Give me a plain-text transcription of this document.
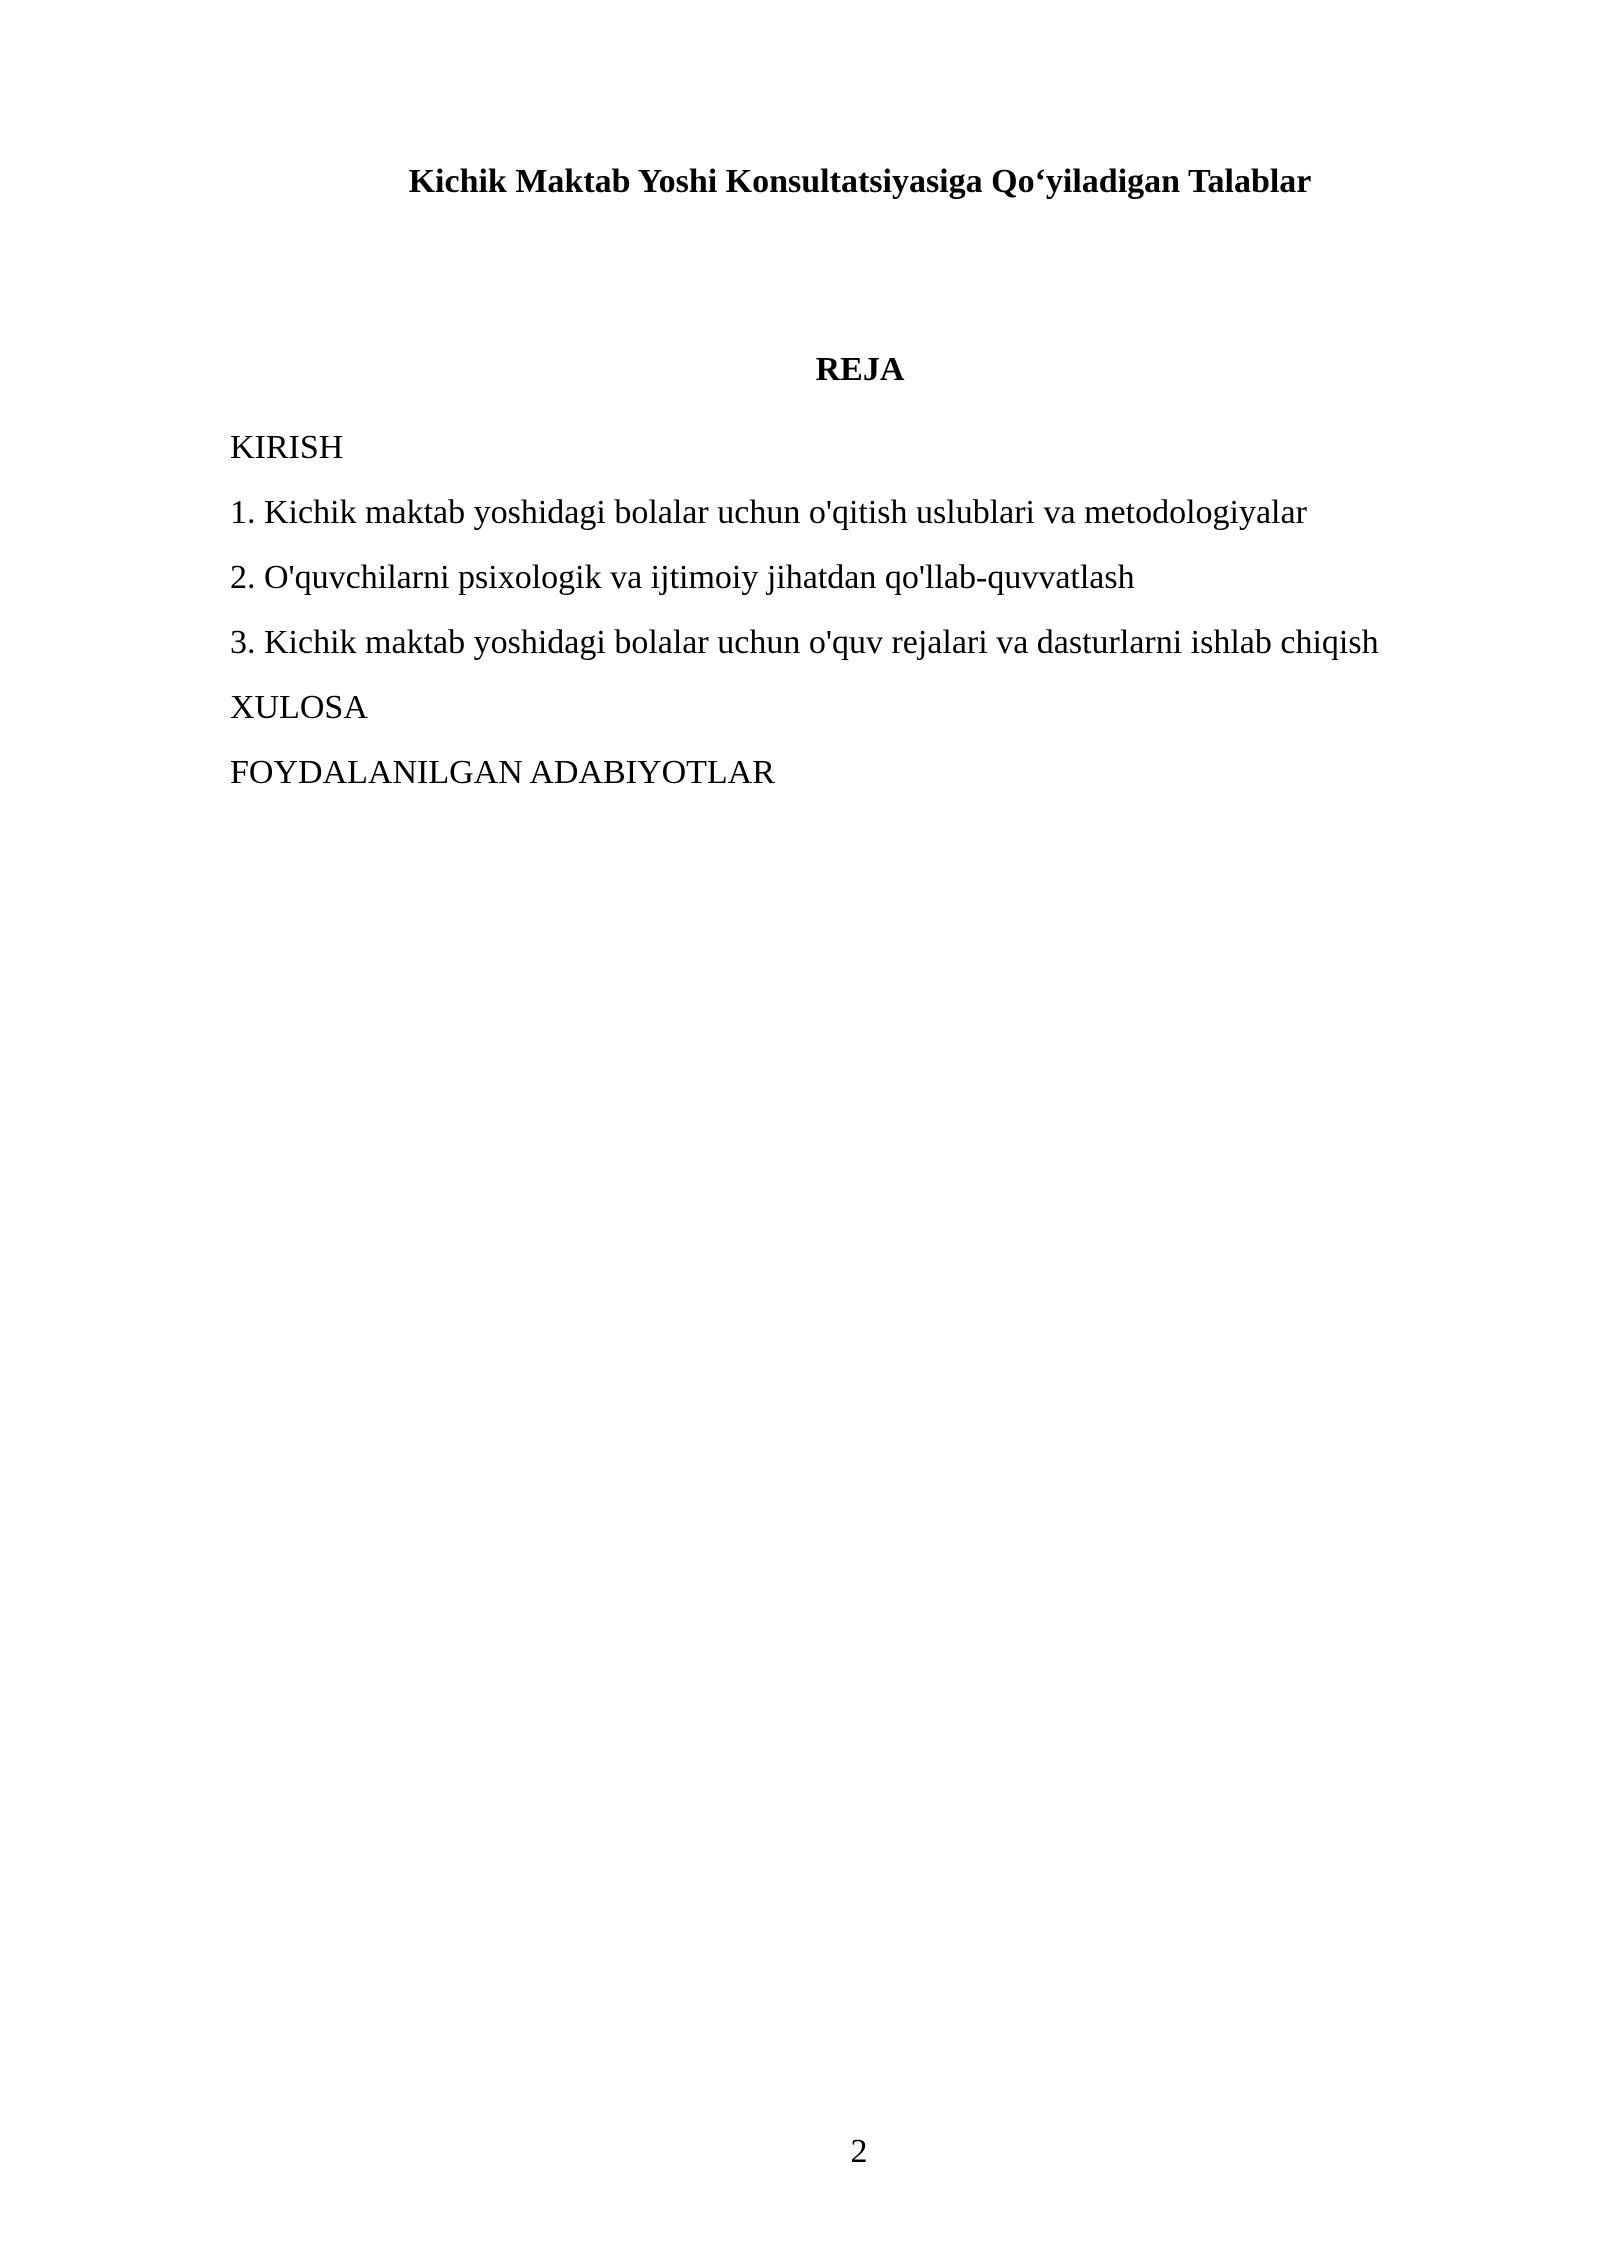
Kichik Maktab Yoshi Konsultatsiyasiga Qo‘yiladigan Talablar
REJA
KIRISH
1. Kichik maktab yoshidagi bolalar uchun o'qitish uslublari va metodologiyalar
2. O'quvchilarni psixologik va ijtimoiy jihatdan qo'llab-quvvatlash
3. Kichik maktab yoshidagi bolalar uchun o'quv rejalari va dasturlarni ishlab chiqish
XULOSA
FOYDALANILGAN ADABIYOTLAR
2
